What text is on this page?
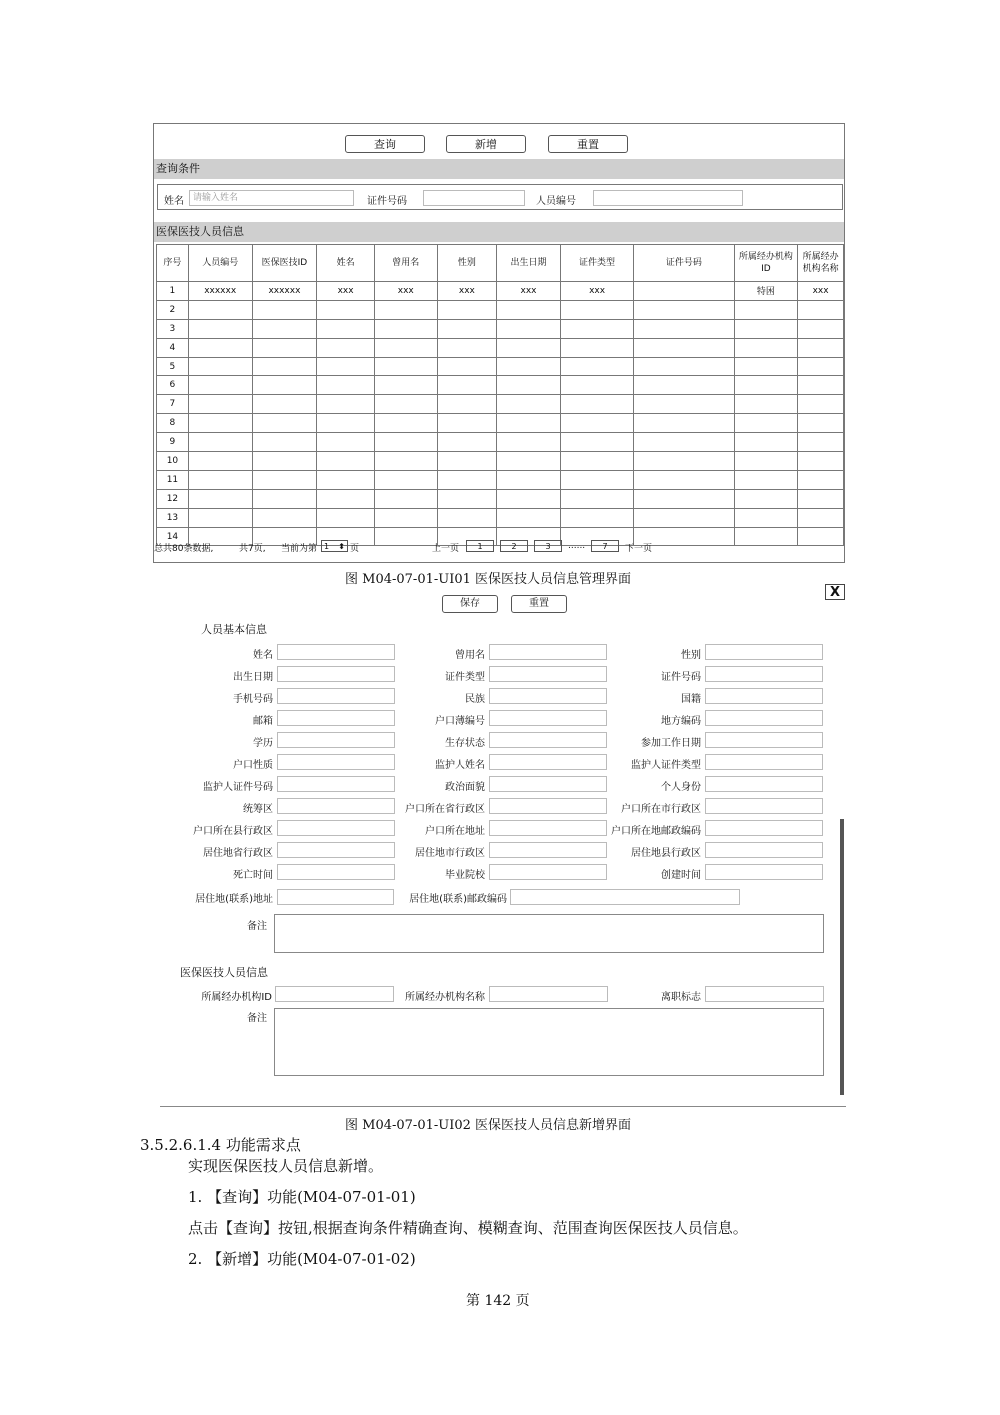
查询	新增	重置
查询条件
姓名	请输入姓名	证件号码	人员编号
医保医技人员信息
序号	人员编号	医保医技ID	姓名	曾用名	性别	出生日期	证件类型	证件号码	所属经办机构ID	所属经办机构名称
1	xxxxxx	xxxxxx	xxx	xxx	xxx	xxx	xxx		特困	xxx
2										
3										
4										
5										
6										
7										
8										
9										
10										
11										
12										
13										
14										
总共80条数据,	共7页, 当前为第 1 ⬍ 页	上一页	1	2	3	......	7	下一页
图 M04-07-01-UI01 医保医技人员信息管理界面
X
保存	重置
人员基本信息
姓名	曾用名	性别
出生日期	证件类型	证件号码
手机号码	民族	国籍
邮箱	户口薄编号	地方编码
学历	生存状态	参加工作日期
户口性质	监护人姓名	监护人证件类型
监护人证件号码	政治面貌	个人身份
统筹区	户口所在省行政区	户口所在市行政区
户口所在县行政区	户口所在地址	户口所在地邮政编码
居住地省行政区	居住地市行政区	居住地县行政区
死亡时间	毕业院校	创建时间
居住地(联系)地址	居住地(联系)邮政编码
备注
医保医技人员信息
所属经办机构ID	所属经办机构名称	离职标志
备注
图 M04-07-01-UI02 医保医技人员信息新增界面
3.5.2.6.1.4 功能需求点
实现医保医技人员信息新增。
1. 【查询】功能(M04-07-01-01)
点击【查询】按钮,根据查询条件精确查询、模糊查询、范围查询医保医技人员信息。
2. 【新增】功能(M04-07-01-02)
第 142 页
